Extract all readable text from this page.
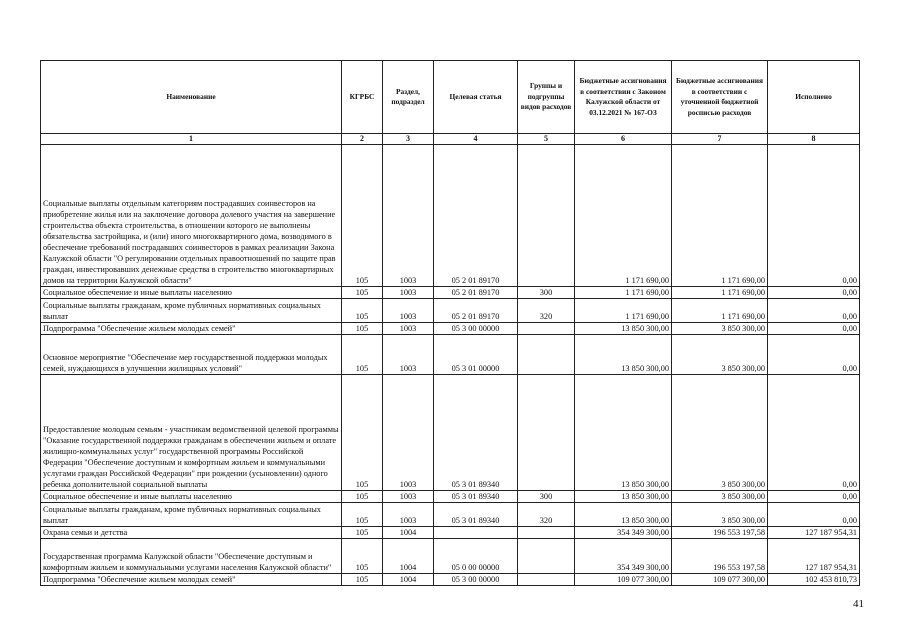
Наименование	КГРБС	Раздел, подраздел	Целевая статья	Группы и подгруппы видов расходов	Бюджетные ассигнования в соответствии с Законом Калужской области от 03.12.2021 № 167-ОЗ	Бюджетные ассигнования в соответствии с уточненной бюджетной росписью расходов	Исполнено
1	2	3	4	5	6	7	8
Социальные выплаты отдельным категориям пострадавших соинвесторов на приобретение жилья или на заключение договора долевого участия на завершение строительства объекта строительства, в отношении которого не выполнены обязательства застройщика, и (или) иного многоквартирного дома, возводимого в обеспечение требований пострадавших соинвесторов в рамках реализации Закона Калужской области "О регулировании отдельных правоотношений по защите прав граждан, инвестировавших денежные средства в строительство многоквартирных домов на территории Калужской области"	105	1003	05 2 01 89170		1 171 690,00	1 171 690,00	0,00
Социальное обеспечение и иные выплаты населению	105	1003	05 2 01 89170	300	1 171 690,00	1 171 690,00	0,00
Социальные выплаты гражданам, кроме публичных нормативных социальных выплат	105	1003	05 2 01 89170	320	1 171 690,00	1 171 690,00	0,00
Подпрограмма "Обеспечение жильем молодых семей"	105	1003	05 3 00 00000		13 850 300,00	3 850 300,00	0,00
Основное мероприятие "Обеспечение мер государственной поддержки молодых семей, нуждающихся в улучшении жилищных условий"	105	1003	05 3 01 00000		13 850 300,00	3 850 300,00	0,00
Предоставление молодым семьям - участникам ведомственной целевой программы "Оказание государственной поддержки гражданам в обеспечении жильем и оплате жилищно-коммунальных услуг" государственной программы Российской Федерации "Обеспечение доступным и комфортным жильем и коммунальными услугами граждан Российской Федерации" при рождении (усыновлении) одного ребенка дополнительной социальной выплаты	105	1003	05 3 01 89340		13 850 300,00	3 850 300,00	0,00
Социальное обеспечение и иные выплаты населению	105	1003	05 3 01 89340	300	13 850 300,00	3 850 300,00	0,00
Социальные выплаты гражданам, кроме публичных нормативных социальных выплат	105	1003	05 3 01 89340	320	13 850 300,00	3 850 300,00	0,00
Охрана семьи и детства	105	1004			354 349 300,00	196 553 197,58	127 187 954,31
Государственная программа Калужской области "Обеспечение доступным и комфортным жильем и коммунальными услугами населения Калужской области"	105	1004	05 0 00 00000		354 349 300,00	196 553 197,58	127 187 954,31
Подпрограмма "Обеспечение жильем молодых семей"	105	1004	05 3 00 00000		109 077 300,00	109 077 300,00	102 453 810,73
41
